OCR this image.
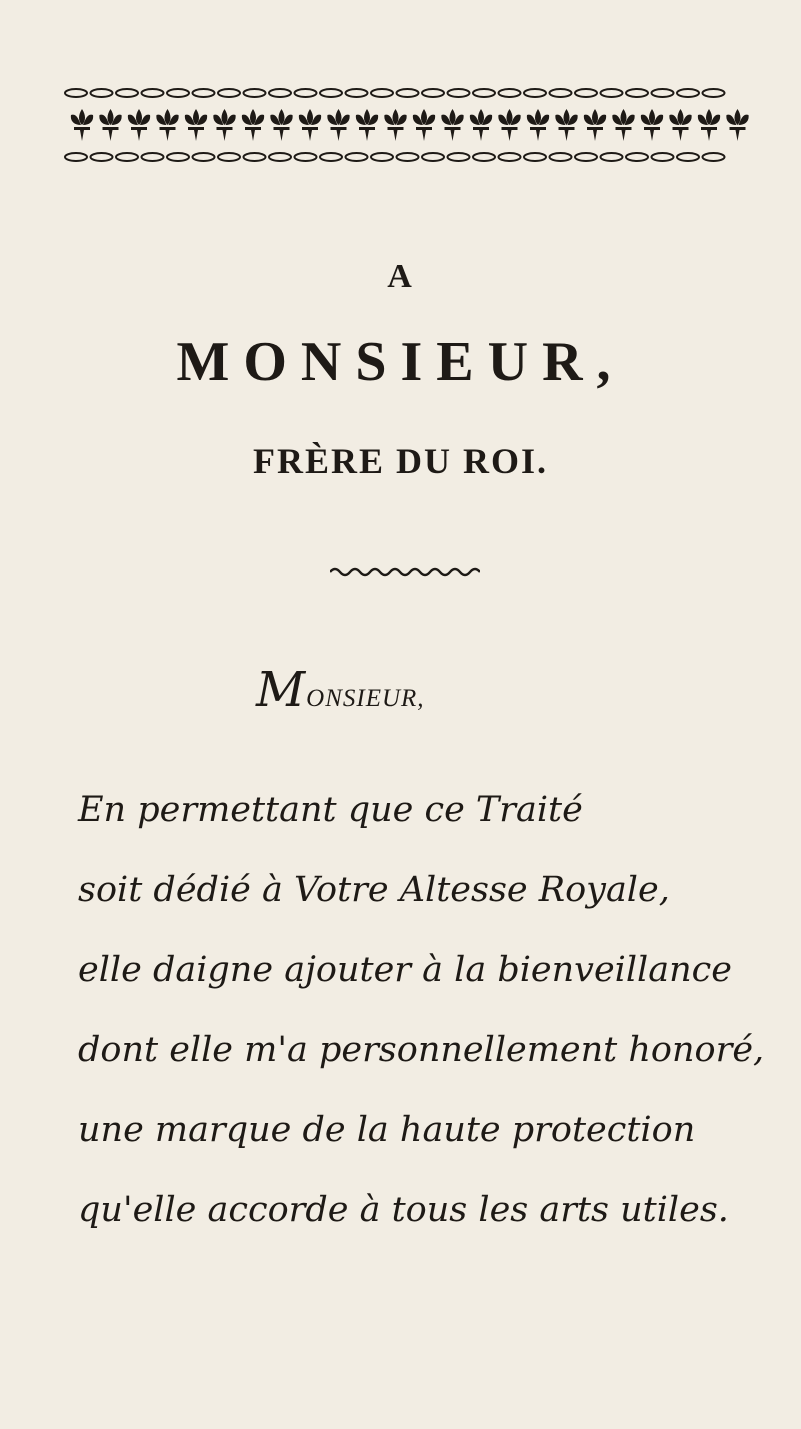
A
MONSIEUR,
FRÈRE DU ROI.
MONSIEUR,
En permettant que ce Traité
soit dédié à Votre Altesse Royale,
elle daigne ajouter à la bienveillance
dont elle m'a personnellement honoré,
une marque de la haute protection
qu'elle accorde à tous les arts utiles.
